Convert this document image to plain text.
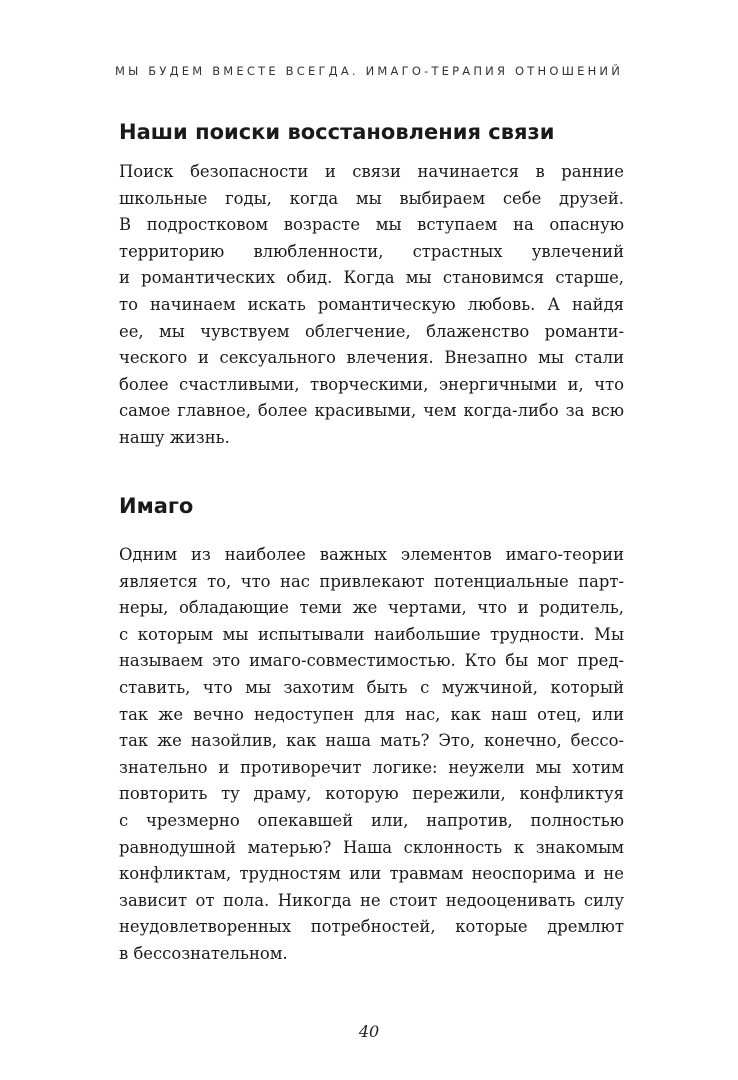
МЫ БУДЕМ ВМЕСТЕ ВСЕГДА. ИМАГО-ТЕРАПИЯ ОТНОШЕНИЙ
Наши поиски восстановления связи
Поиск безопасности и связи начинается в ранние
школьные годы, когда мы выбираем себе друзей.
В подростковом возрасте мы вступаем на опасную
территорию влюбленности, страстных увлечений
и романтических обид. Когда мы становимся старше,
то начинаем искать романтическую любовь. А найдя
ее, мы чувствуем облегчение, блаженство романти-
ческого и сексуального влечения. Внезапно мы стали
более счастливыми, творческими, энергичными и, что
самое главное, более красивыми, чем когда-либо за всю
нашу жизнь.
Имаго
Одним из наиболее важных элементов имаго-теории
является то, что нас привлекают потенциальные парт-
неры, обладающие теми же чертами, что и родитель,
с которым мы испытывали наибольшие трудности. Мы
называем это имаго-совместимостью. Кто бы мог пред-
ставить, что мы захотим быть с мужчиной, который
так же вечно недоступен для нас, как наш отец, или
так же назойлив, как наша мать? Это, конечно, бессо-
знательно и противоречит логике: неужели мы хотим
повторить ту драму, которую пережили, конфликтуя
с чрезмерно опекавшей или, напротив, полностью
равнодушной матерью? Наша склонность к знакомым
конфликтам, трудностям или травмам неоспорима и не
зависит от пола. Никогда не стоит недооценивать силу
неудовлетворенных потребностей, которые дремлют
в бессознательном.
40
